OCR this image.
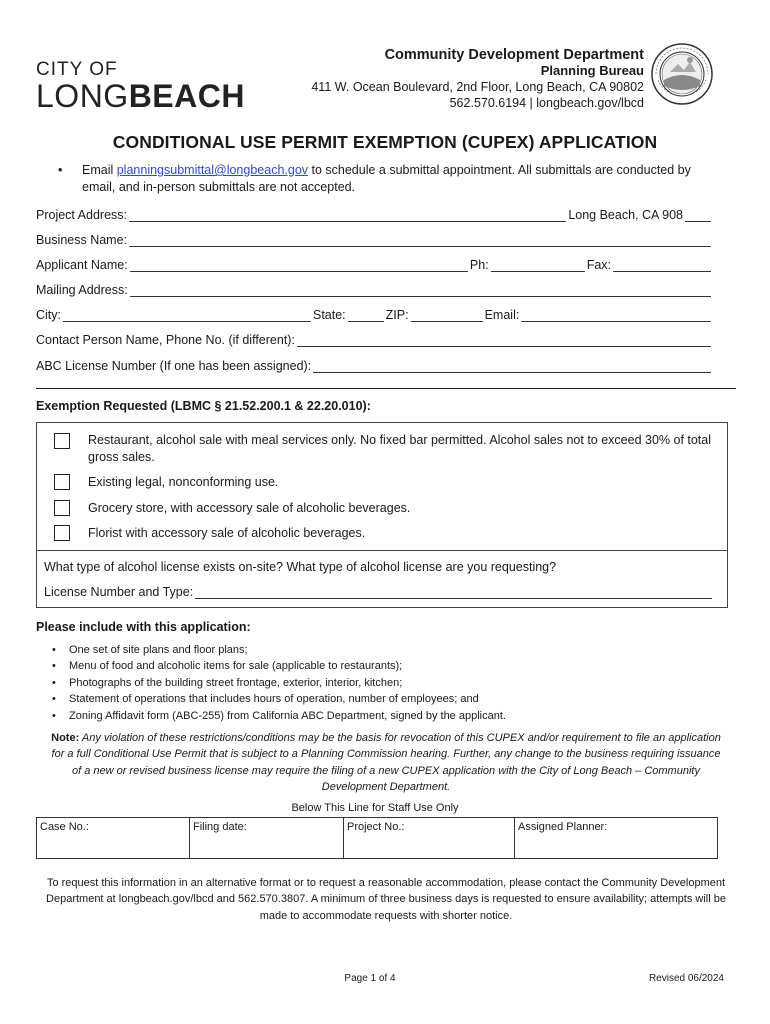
CITY OF
LONGBEACH
Community Development Department
Planning Bureau
411 W. Ocean Boulevard, 2nd Floor, Long Beach, CA 90802
562.570.6194 | longbeach.gov/lbcd
CONDITIONAL USE PERMIT EXEMPTION (CUPEX) APPLICATION
• Email planningsubmittal@longbeach.gov to schedule a submittal appointment. All submittals are conducted by email, and in-person submittals are not accepted.
Project Address:	Long Beach, CA 908
Business Name:
Applicant Name:	Ph:	Fax:
Mailing Address:
City:	State:	ZIP:	Email:
Contact Person Name, Phone No. (if different):
ABC License Number (If one has been assigned):
Exemption Requested (LBMC § 21.52.200.1 & 22.20.010):
Restaurant, alcohol sale with meal services only. No fixed bar permitted. Alcohol sales not to exceed 30% of total gross sales.
Existing legal, nonconforming use.
Grocery store, with accessory sale of alcoholic beverages.
Florist with accessory sale of alcoholic beverages.
What type of alcohol license exists on-site? What type of alcohol license are you requesting?
License Number and Type:
Please include with this application:
• One set of site plans and floor plans;
• Menu of food and alcoholic items for sale (applicable to restaurants);
• Photographs of the building street frontage, exterior, interior, kitchen;
• Statement of operations that includes hours of operation, number of employees; and
• Zoning Affidavit form (ABC-255) from California ABC Department, signed by the applicant.
Note: Any violation of these restrictions/conditions may be the basis for revocation of this CUPEX and/or requirement to file an application for a full Conditional Use Permit that is subject to a Planning Commission hearing. Further, any change to the business requiring issuance of a new or revised business license may require the filing of a new CUPEX application with the City of Long Beach – Community Development Department.
Below This Line for Staff Use Only
Case No.:	Filing date:	Project No.:	Assigned Planner:
To request this information in an alternative format or to request a reasonable accommodation, please contact the Community Development Department at longbeach.gov/lbcd and 562.570.3807. A minimum of three business days is requested to ensure availability; attempts will be made to accommodate requests with shorter notice.
Page 1 of 4	Revised 06/2024
